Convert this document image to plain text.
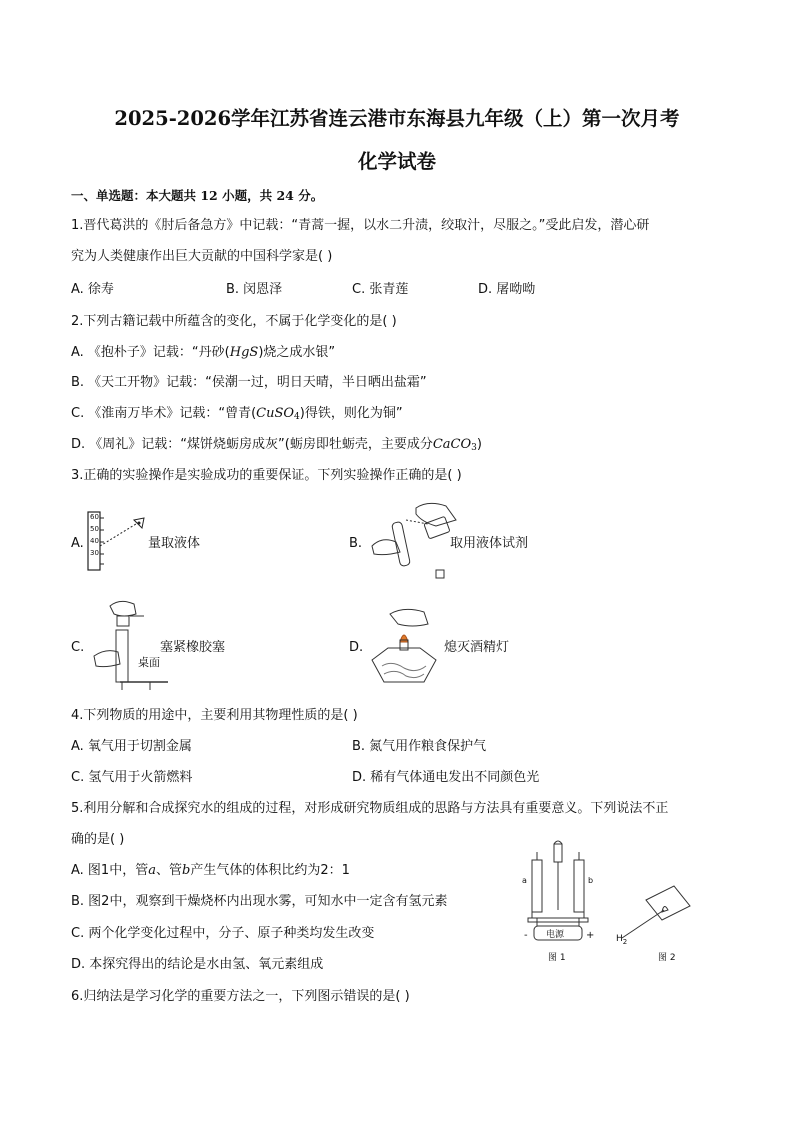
2025-2026学年江苏省连云港市东海县九年级（上）第一次月考
化学试卷
一、单选题：本大题共 12 小题，共 24 分。
1.晋代葛洪的《肘后备急方》中记载：“青蒿一握，以水二升渍，绞取汁，尽服之。”受此启发，潜心研
究为人类健康作出巨大贡献的中国科学家是( )
A. 徐寿	B. 闵恩泽	C. 张青莲	D. 屠呦呦
2.下列古籍记载中所蕴含的变化，不属于化学变化的是( )
A. 《抱朴子》记载：“丹砂(HgS)烧之成水银”
B. 《天工开物》记载：“侯潮一过，明日天晴，半日晒出盐霜”
C. 《淮南万毕术》记载：“曾青(CuSO$_4$)得铁，则化为铜”
D. 《周礼》记载：“煤饼烧蛎房成灰”(蛎房即牡蛎壳，主要成分CaCO$_3$)
3.正确的实验操作是实验成功的重要保证。下列实验操作正确的是( )
A.
60
50
40
30
量取液体	B.	取用液体试剂
C.
桌面
塞紧橡胶塞	D.	熄灭酒精灯
4.下列物质的用途中，主要利用其物理性质的是( )
A. 氧气用于切割金属	B. 氮气用作粮食保护气
C. 氢气用于火箭燃料	D. 稀有气体通电发出不同颜色光
5.利用分解和合成探究水的组成的过程，对形成研究物质组成的思路与方法具有重要意义。下列说法不正
确的是( )
A. 图1中，管a、管b产生气体的体积比约为2：1
B. 图2中，观察到干燥烧杯内出现水雾，可知水中一定含有氢元素
C. 两个化学变化过程中，分子、原子种类均发生改变
D. 本探究得出的结论是水由氢、氧元素组成
a	b
电源
-	+
图 1
$H_2$
图 2
6.归纳法是学习化学的重要方法之一，下列图示错误的是( )
